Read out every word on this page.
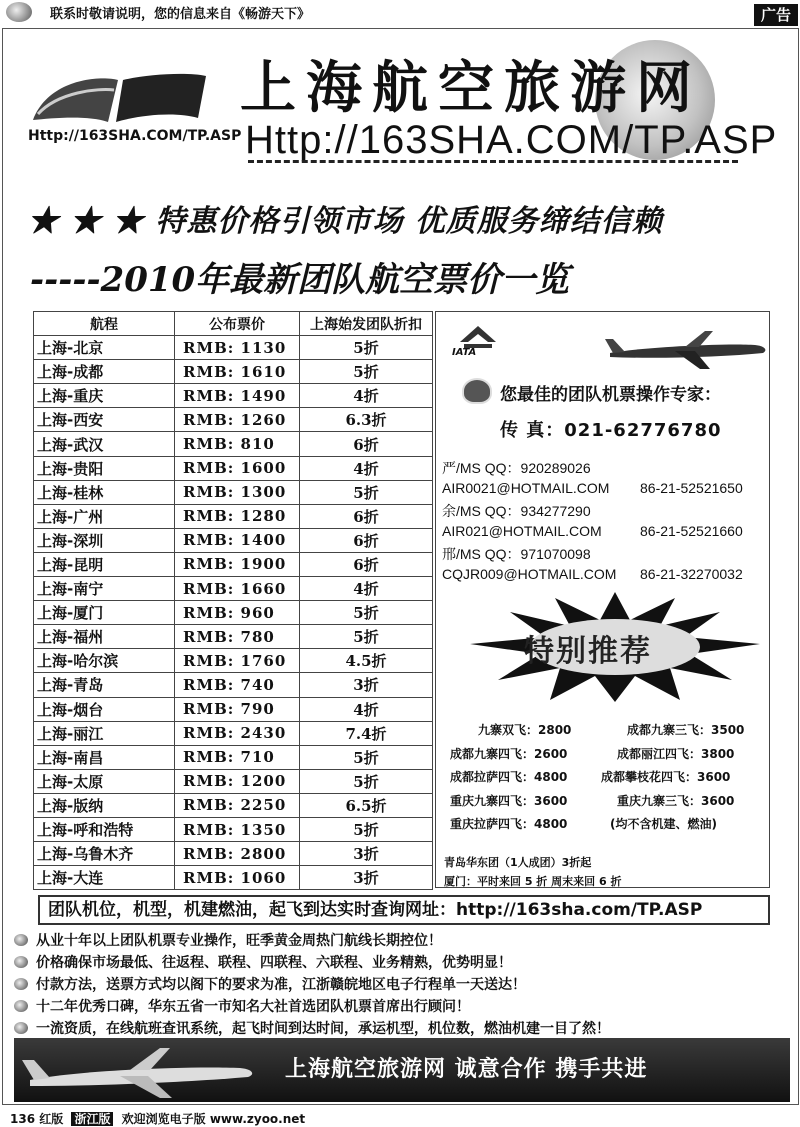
联系时敬请说明，您的信息来自《畅游天下》	广告
Http://163SHA.COM/TP.ASP
上海航空旅游网
Http://163SHA.COM/TP.ASP
★ ★ ★ 特惠价格引领市场 优质服务缔结信赖
-----2010年最新团队航空票价一览
航程	公布票价	上海始发团队折扣
上海-北京	RMB: 1130	5折
上海-成都	RMB: 1610	5折
上海-重庆	RMB: 1490	4折
上海-西安	RMB: 1260	6.3折
上海-武汉	RMB: 810	6折
上海-贵阳	RMB: 1600	4折
上海-桂林	RMB: 1300	5折
上海-广州	RMB: 1280	6折
上海-深圳	RMB: 1400	6折
上海-昆明	RMB: 1900	6折
上海-南宁	RMB: 1660	4折
上海-厦门	RMB: 960	5折
上海-福州	RMB: 780	5折
上海-哈尔滨	RMB: 1760	4.5折
上海-青岛	RMB: 740	3折
上海-烟台	RMB: 790	4折
上海-丽江	RMB: 2430	7.4折
上海-南昌	RMB: 710	5折
上海-太原	RMB: 1200	5折
上海-版纳	RMB: 2250	6.5折
上海-呼和浩特	RMB: 1350	5折
上海-乌鲁木齐	RMB: 2800	3折
上海-大连	RMB: 1060	3折
IATA
您最佳的团队机票操作专家：
传 真：021-62776780
严/MS QQ：920289026
AIR0021@HOTMAIL.COM 86-21-52521650
余/MS QQ：934277290
AIR021@HOTMAIL.COM	86-21-52521660
邢/MS QQ：971070098
CQJR009@HOTMAIL.COM 86-21-32270032
特别推荐
九寨双飞：2800	成都九寨三飞：3500
成都九寨四飞：2600	成都丽江四飞：3800
成都拉萨四飞：4800	成都攀枝花四飞：3600
重庆九寨四飞：3600	重庆九寨三飞：3600
重庆拉萨四飞：4800	(均不含机建、燃油)
青岛华东团（1人成团）3折起
厦门：平时来回 5 折 周末来回 6 折
团队机位，机型，机建燃油，起飞到达实时查询网址：http://163sha.com/TP.ASP
从业十年以上团队机票专业操作，旺季黄金周热门航线长期控位！
价格确保市场最低、往返程、联程、四联程、六联程、业务精熟，优势明显！
付款方法，送票方式均以阁下的要求为准，江浙赣皖地区电子行程单一天送达！
十二年优秀口碑，华东五省一市知名大社首选团队机票首席出行顾问！
一流资质，在线航班查讯系统，起飞时间到达时间，承运机型，机位数，燃油机建一目了然！
上海航空旅游网 诚意合作 携手共进
136 红版 浙江版 欢迎浏览电子版 www.zyoo.net
